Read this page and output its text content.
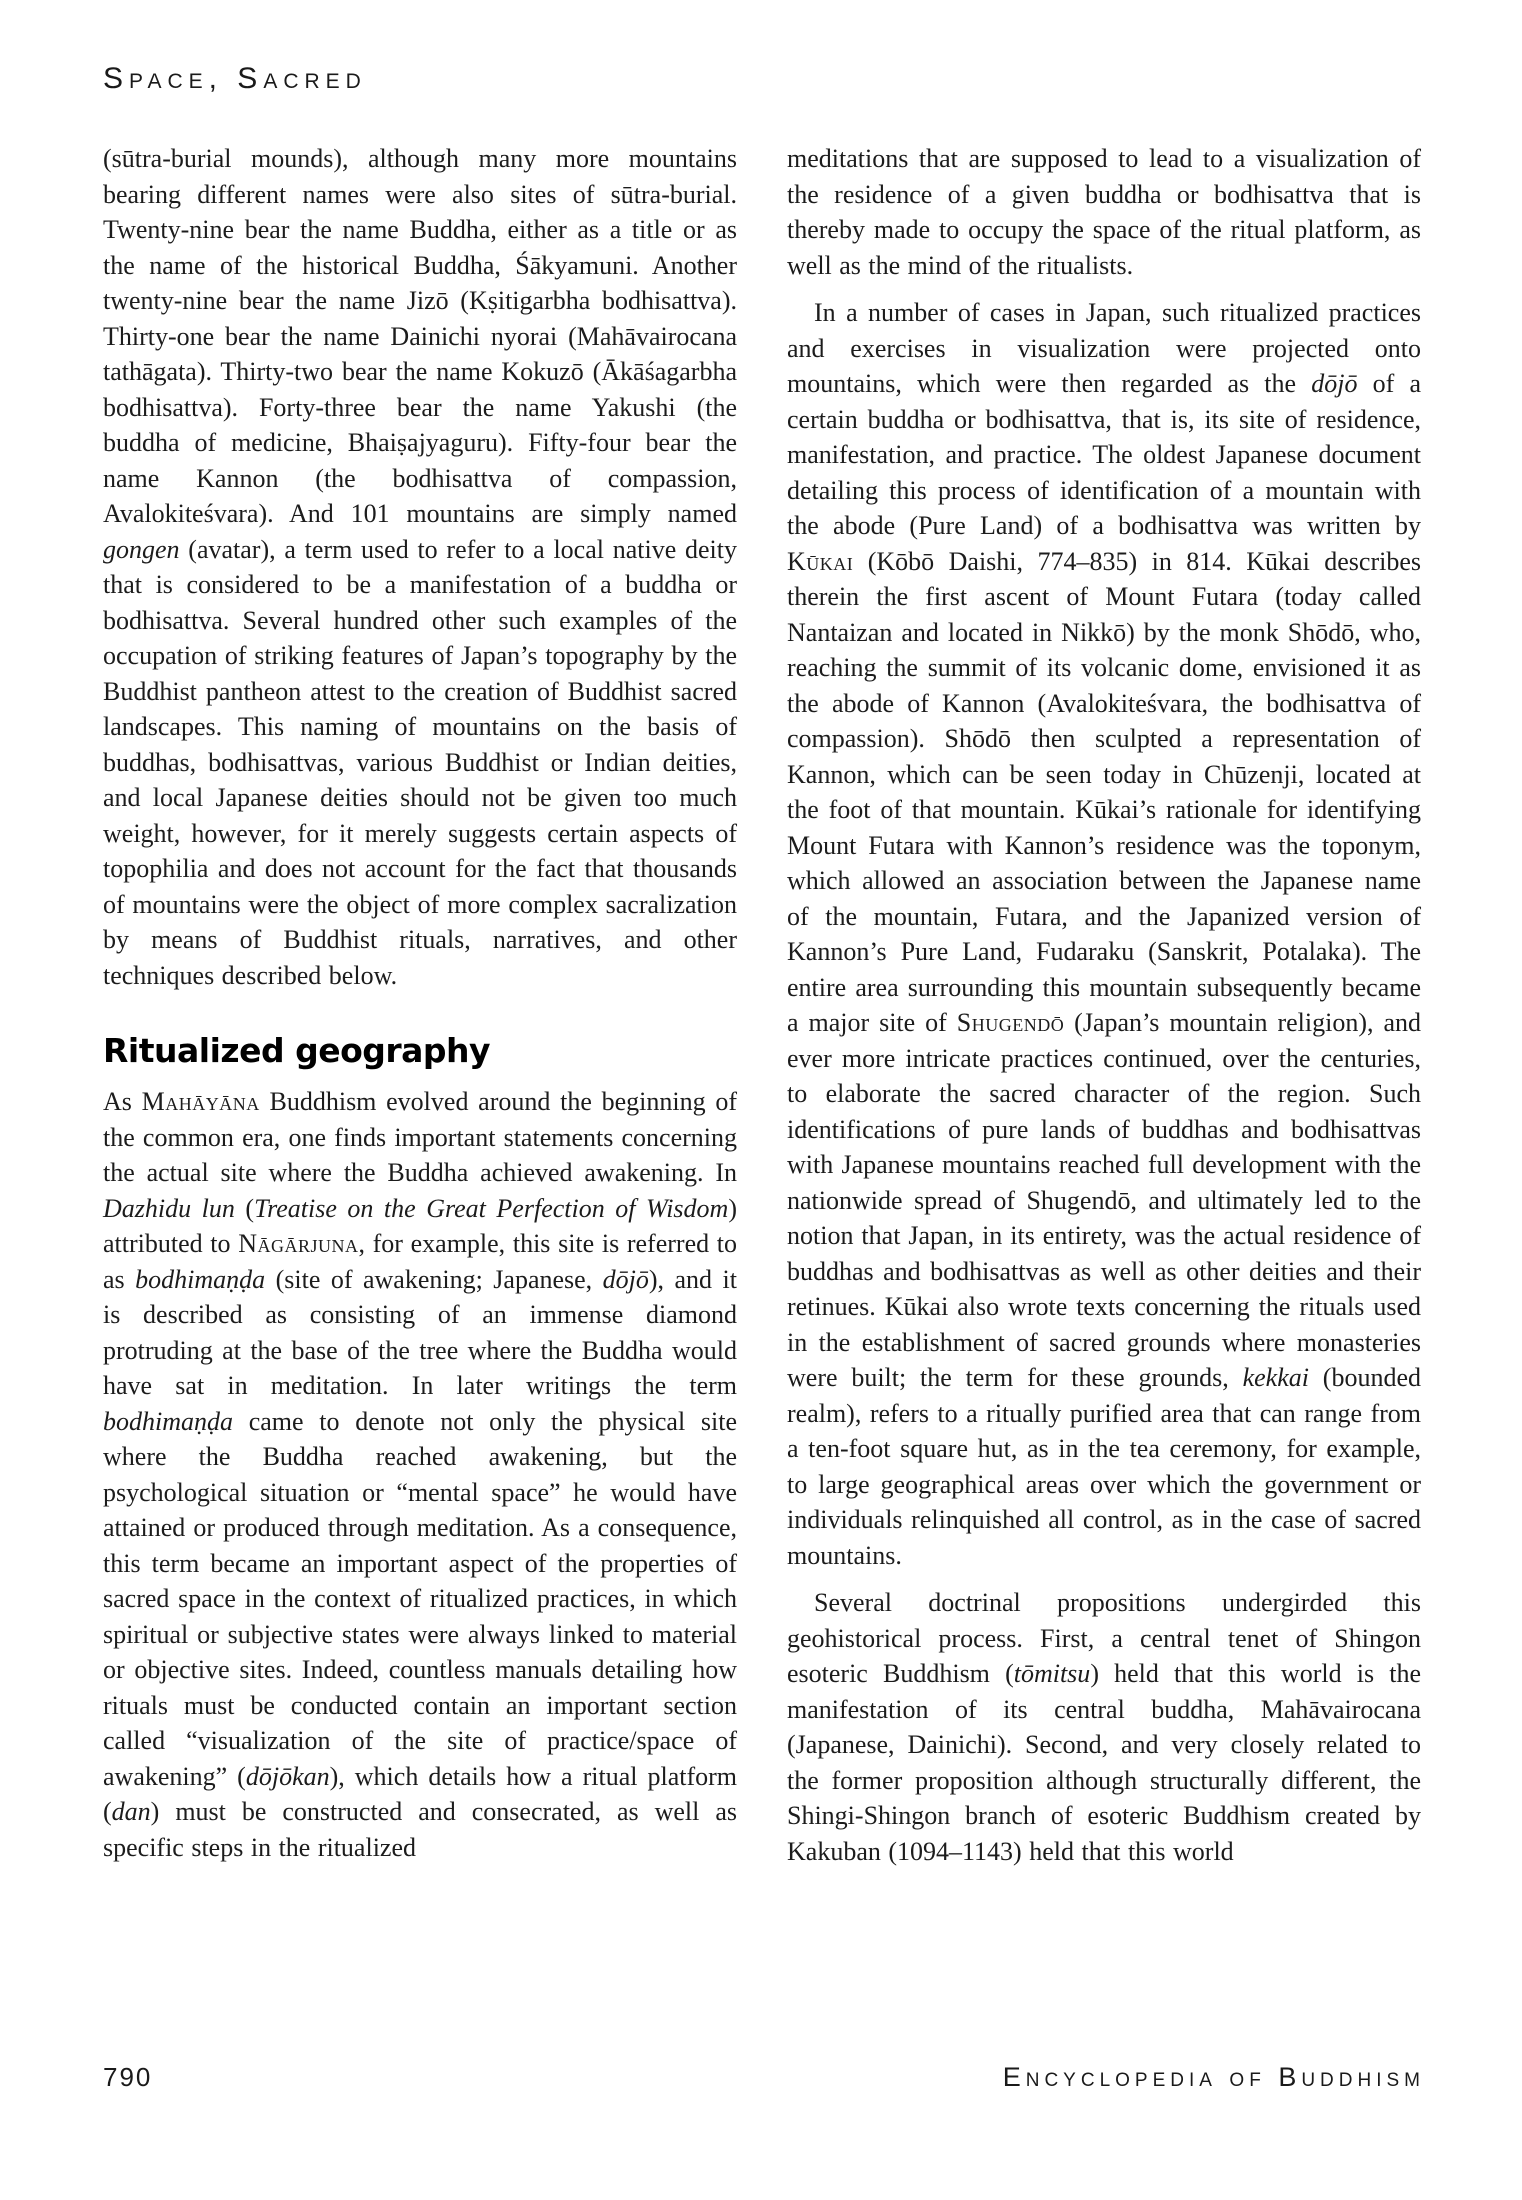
Space, Sacred

(sūtra-burial mounds), although many more mountains bearing different names were also sites of sūtra-burial. Twenty-nine bear the name Buddha, either as a title or as the name of the historical Buddha, Śākyamuni. Another twenty-nine bear the name Jizō (Kṣitigarbha bodhisattva). Thirty-one bear the name Dainichi nyorai (Mahāvairocana tathāgata). Thirty-two bear the name Kokuzō (Ākāśagarbha bodhisattva). Forty-three bear the name Yakushi (the buddha of medicine, Bhaiṣajyaguru). Fifty-four bear the name Kannon (the bodhisattva of compassion, Avalokiteśvara). And 101 mountains are simply named gongen (avatar), a term used to refer to a local native deity that is considered to be a manifestation of a buddha or bodhisattva. Several hundred other such examples of the occupation of striking features of Japan’s topography by the Buddhist pantheon attest to the creation of Buddhist sacred landscapes. This naming of mountains on the basis of buddhas, bodhisattvas, various Buddhist or Indian deities, and local Japanese deities should not be given too much weight, however, for it merely suggests certain aspects of topophilia and does not account for the fact that thousands of mountains were the object of more complex sacralization by means of Buddhist rituals, narratives, and other techniques described below.

Ritualized geography

As Mahāyāna Buddhism evolved around the beginning of the common era, one finds important statements concerning the actual site where the Buddha achieved awakening. In Dazhidu lun (Treatise on the Great Perfection of Wisdom) attributed to Nāgārjuna, for example, this site is referred to as bodhimaṇḍa (site of awakening; Japanese, dōjō), and it is described as consisting of an immense diamond protruding at the base of the tree where the Buddha would have sat in meditation. In later writings the term bodhimaṇḍa came to denote not only the physical site where the Buddha reached awakening, but the psychological situation or “mental space” he would have attained or produced through meditation. As a consequence, this term became an important aspect of the properties of sacred space in the context of ritualized practices, in which spiritual or subjective states were always linked to material or objective sites. Indeed, countless manuals detailing how rituals must be conducted contain an important section called “visualization of the site of practice/space of awakening” (dōjōkan), which details how a ritual platform (dan) must be constructed and consecrated, as well as specific steps in the ritualized

meditations that are supposed to lead to a visualization of the residence of a given buddha or bodhisattva that is thereby made to occupy the space of the ritual platform, as well as the mind of the ritualists.

In a number of cases in Japan, such ritualized practices and exercises in visualization were projected onto mountains, which were then regarded as the dōjō of a certain buddha or bodhisattva, that is, its site of residence, manifestation, and practice. The oldest Japanese document detailing this process of identification of a mountain with the abode (Pure Land) of a bodhisattva was written by Kūkai (Kōbō Daishi, 774–835) in 814. Kūkai describes therein the first ascent of Mount Futara (today called Nantaizan and located in Nikkō) by the monk Shōdō, who, reaching the summit of its volcanic dome, envisioned it as the abode of Kannon (Avalokiteśvara, the bodhisattva of compassion). Shōdō then sculpted a representation of Kannon, which can be seen today in Chūzenji, located at the foot of that mountain. Kūkai’s rationale for identifying Mount Futara with Kannon’s residence was the toponym, which allowed an association between the Japanese name of the mountain, Futara, and the Japanized version of Kannon’s Pure Land, Fudaraku (Sanskrit, Potalaka). The entire area surrounding this mountain subsequently became a major site of Shugendō (Japan’s mountain religion), and ever more intricate practices continued, over the centuries, to elaborate the sacred character of the region. Such identifications of pure lands of buddhas and bodhisattvas with Japanese mountains reached full development with the nationwide spread of Shugendō, and ultimately led to the notion that Japan, in its entirety, was the actual residence of buddhas and bodhisattvas as well as other deities and their retinues. Kūkai also wrote texts concerning the rituals used in the establishment of sacred grounds where monasteries were built; the term for these grounds, kekkai (bounded realm), refers to a ritually purified area that can range from a ten-foot square hut, as in the tea ceremony, for example, to large geographical areas over which the government or individuals relinquished all control, as in the case of sacred mountains.

Several doctrinal propositions undergirded this geohistorical process. First, a central tenet of Shingon esoteric Buddhism (tōmitsu) held that this world is the manifestation of its central buddha, Mahāvairocana (Japanese, Dainichi). Second, and very closely related to the former proposition although structurally different, the Shingi-Shingon branch of esoteric Buddhism created by Kakuban (1094–1143) held that this world

790	Encyclopedia of Buddhism
